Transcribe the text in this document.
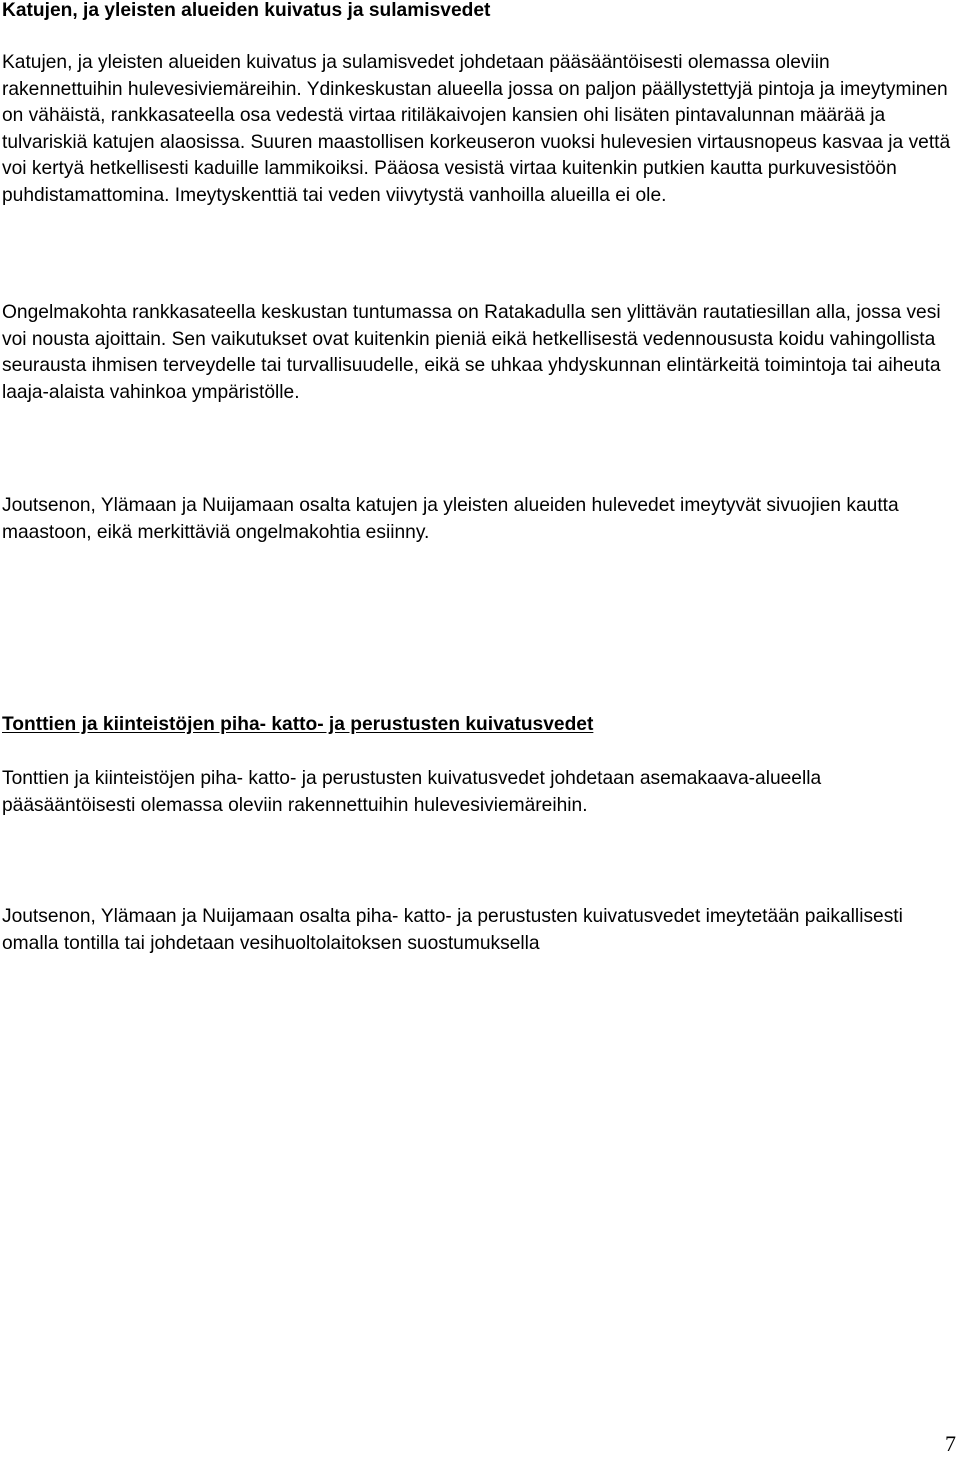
Katujen, ja yleisten alueiden kuivatus ja sulamisvedet

Katujen, ja yleisten alueiden kuivatus ja sulamisvedet johdetaan pääsääntöisesti olemassa oleviin rakennettuihin hulevesiviemäreihin. Ydinkeskustan alueella jossa on paljon päällystettyjä pintoja ja imeytyminen on vähäistä, rankkasateella osa vedestä virtaa ritiläkaivojen kansien ohi lisäten pintavalunnan määrää ja tulvariskiä katujen alaosissa. Suuren maastollisen korkeuseron vuoksi hulevesien virtausnopeus kasvaa ja vettä voi kertyä hetkellisesti kaduille lammikoiksi. Pääosa vesistä virtaa kuitenkin putkien kautta purkuvesistöön puhdistamattomina. Imeytyskenttiä tai veden viivytystä vanhoilla alueilla ei ole.

Ongelmakohta rankkasateella keskustan tuntumassa on Ratakadulla sen ylittävän rautatiesillan alla, jossa vesi voi nousta ajoittain. Sen vaikutukset ovat kuitenkin pieniä eikä hetkellisestä vedennoususta koidu vahingollista seurausta ihmisen terveydelle tai turvallisuudelle, eikä se uhkaa yhdyskunnan elintärkeitä toimintoja tai aiheuta laaja-alaista vahinkoa ympäristölle.

Joutsenon, Ylämaan ja Nuijamaan osalta katujen ja yleisten alueiden hulevedet imeytyvät sivuojien kautta maastoon, eikä merkittäviä ongelmakohtia esiinny.

Tonttien ja kiinteistöjen piha- katto- ja perustusten kuivatusvedet

Tonttien ja kiinteistöjen piha- katto- ja perustusten kuivatusvedet johdetaan asemakaava-alueella pääsääntöisesti olemassa oleviin rakennettuihin hulevesiviemäreihin.

Joutsenon, Ylämaan ja Nuijamaan osalta piha- katto- ja perustusten kuivatusvedet imeytetään paikallisesti omalla tontilla tai johdetaan vesihuoltolaitoksen suostumuksella

7
